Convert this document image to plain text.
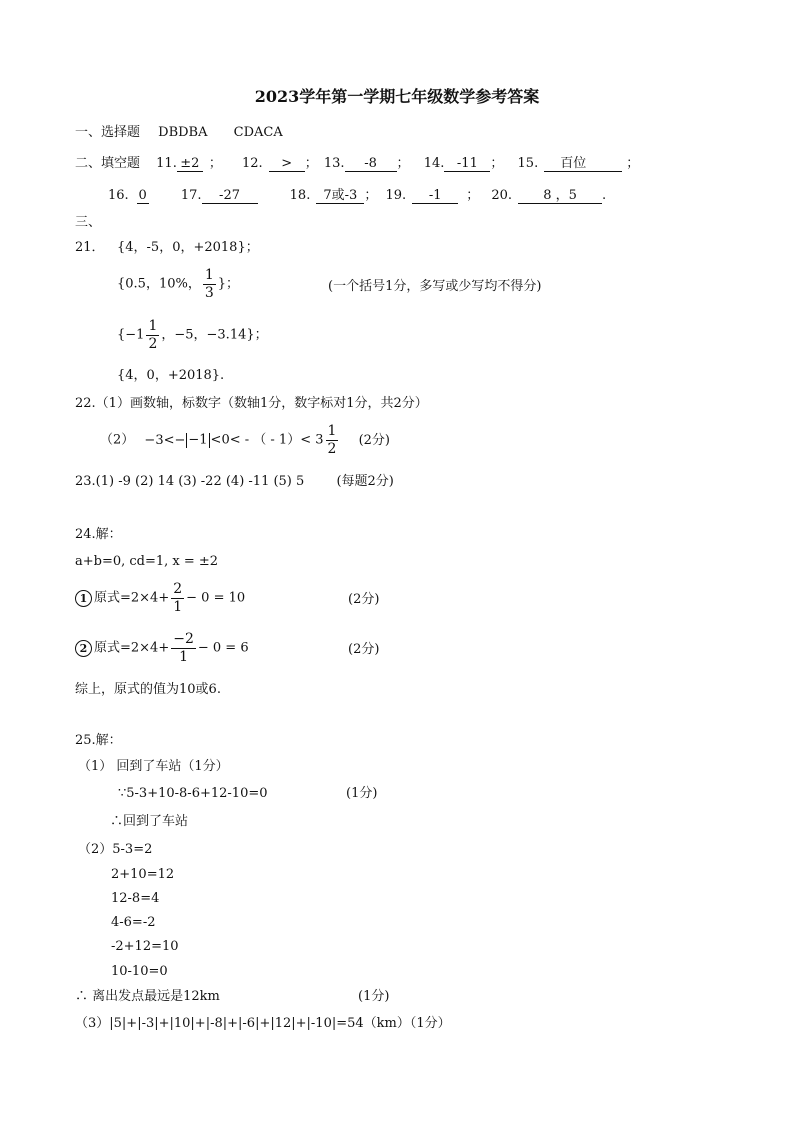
2023学年第一学期七年级数学参考答案
一、选择题 DBDBA CDACA
二、填空题 11. ±2 ； 12. > ； 13. -8 ； 14. -11 ； 15. 百位	；
16. 0	17. -27	18. 7或-3 ； 19. -1 ； 20. 8 ，5 .
三、
21． {4，-5，0，+2018}；
{0.5，10%， $\frac{1}{3}$ }；	(一个括号1分，多写或少写均不得分)
{$-1 \frac{1}{2}$ ，−5，−3.14}；
{4，0，+2018}.
22.（1）画数轴，标数字（数轴1分，数字标对1分，共2分）
（2） −3<− −1 <0< - （ - $1)< 3 \frac{1}{2} (2$分)
23.(1) -9 (2) 14 (3) -22 (4) -11 (5) 5 (每题2分)
24.解：
a+b=0, cd=1, x = ±2
1 原式$=2\times 4+ \frac{2}{1} - 0 = 10$	(2分)
2 原式$=2\times 4+ \frac{-2}{1} - 0 = 6$	(2分)
综上，原式的值为10或6.
25.解：
（1） 回到了车站（1分）
∵5-3+10-8-6+12-10=0	(1分)
∴回到了车站
（2）5-3=2
2+10=12
12-8=4
4-6=-2
-2+12=10
10-10=0
∴ 离出发点最远是12km	(1分)
（3）|5|+|-3|+|10|+|-8|+|-6|+|12|+|-10|=54（km）（1分）
